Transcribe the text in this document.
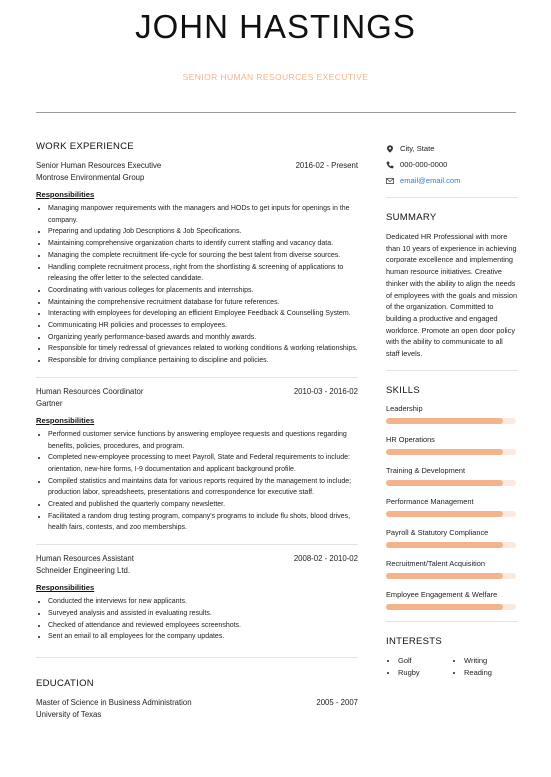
JOHN HASTINGS
SENIOR HUMAN RESOURCES EXECUTIVE
WORK EXPERIENCE
Senior Human Resources Executive	2016-02 - Present
Montrose Environmental Group
Responsibilities
• Managing manpower requirements with the managers and HODs to get inputs for openings in the company.
• Preparing and updating Job Descriptions & Job Specifications.
• Maintaining comprehensive organization charts to identify current staffing and vacancy data.
• Managing the complete recruitment life-cycle for sourcing the best talent from diverse sources.
• Handling complete recruitment process, right from the shortlisting & screening of applications to releasing the offer letter to the selected candidate.
• Coordinating with various colleges for placements and internships.
• Maintaining the comprehensive recruitment database for future references.
• Interacting with employees for developing an efficient Employee Feedback & Counselling System.
• Communicating HR policies and processes to employees.
• Organizing yearly performance-based awards and monthly awards.
• Responsible for timely redressal of grievances related to working conditions & working relationships.
• Responsible for driving compliance pertaining to discipline and policies.
Human Resources Coordinator	2010-03 - 2016-02
Gartner
Responsibilities
• Performed customer service functions by answering employee requests and questions regarding benefits, policies, procedures, and program.
• Completed new-employee processing to meet Payroll, State and Federal requirements to include: orientation, new-hire forms, I-9 documentation and applicant background profile.
• Compiled statistics and maintains data for various reports required by the management to include; production labor, spreadsheets, presentations and correspondence for executive staff.
• Created and published the quarterly company newsletter.
• Facilitated a random drug testing program, company's programs to include flu shots, blood drives, health fairs, contests, and zoo memberships.
Human Resources Assistant	2008-02 - 2010-02
Schneider Engineering Ltd.
Responsibilities
• Conducted the interviews for new applicants.
• Surveyed analysis and assisted in evaluating results.
• Checked of attendance and reviewed employees screenshots.
• Sent an email to all employees for the company updates.
EDUCATION
Master of Science in Business Administration	2005 - 2007
University of Texas
City, State
000-000-0000
email@email.com
SUMMARY
Dedicated HR Professional with more than 10 years of experience in achieving corporate excellence and implementing human resource initiatives. Creative thinker with the ability to align the needs of employees with the goals and mission of the organization. Committed to building a productive and engaged workforce. Promote an open door policy with the ability to communicate to all staff levels.
SKILLS
Leadership
HR Operations
Training & Development
Performance Management
Payroll & Statutory Compliance
Recruitment/Talent Acquisition
Employee Engagement & Welfare
INTERESTS
• Golf
• Rugby
• Writing
• Reading
